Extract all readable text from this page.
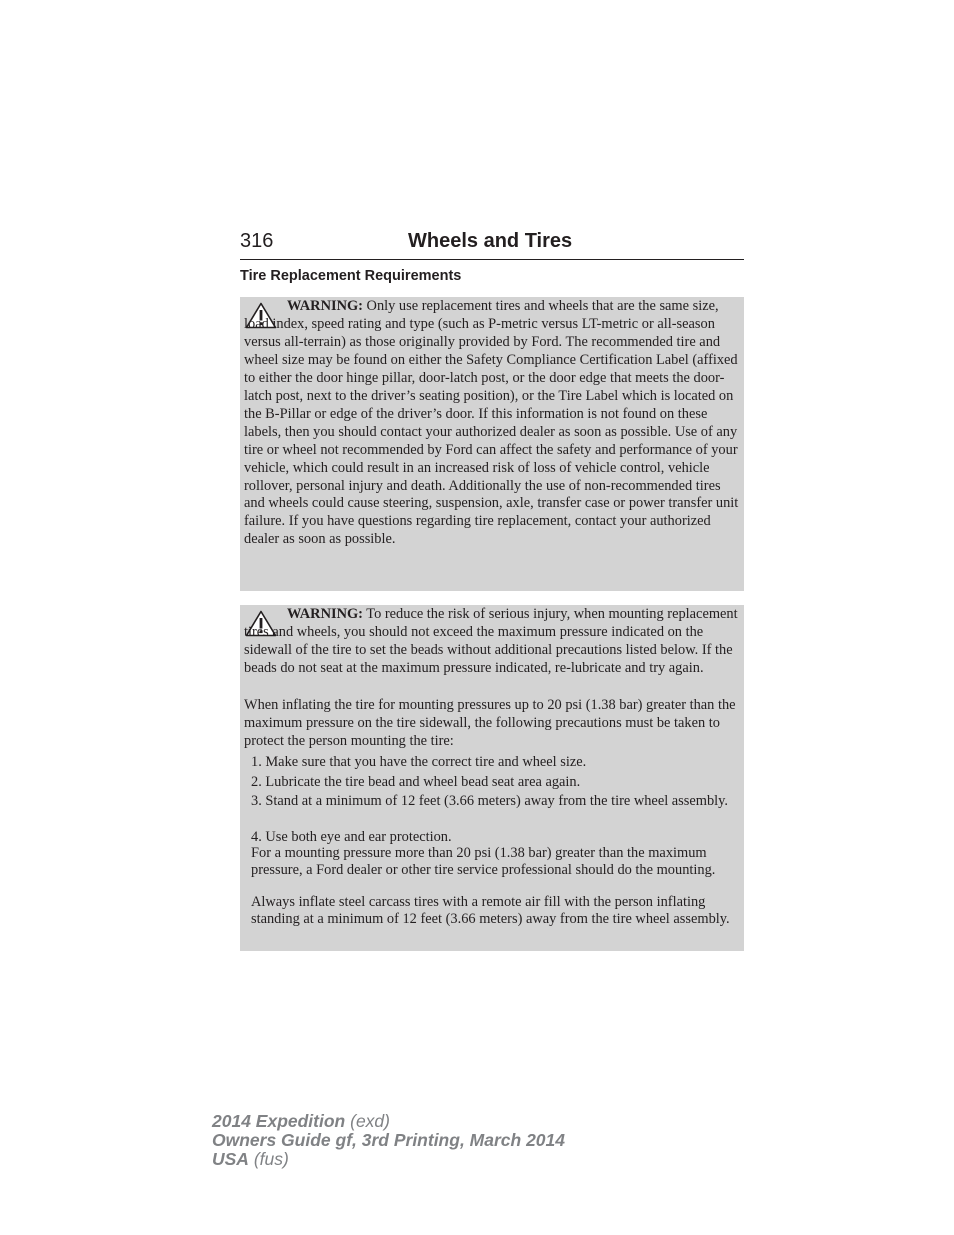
316	Wheels and Tires
Tire Replacement Requirements

WARNING: Only use replacement tires and wheels that are the same size, load index, speed rating and type (such as P-metric versus LT-metric or all-season versus all-terrain) as those originally provided by Ford. The recommended tire and wheel size may be found on either the Safety Compliance Certification Label (affixed to either the door hinge pillar, door-latch post, or the door edge that meets the door-latch post, next to the driver’s seating position), or the Tire Label which is located on the B-Pillar or edge of the driver’s door. If this information is not found on these labels, then you should contact your authorized dealer as soon as possible. Use of any tire or wheel not recommended by Ford can affect the safety and performance of your vehicle, which could result in an increased risk of loss of vehicle control, vehicle rollover, personal injury and death. Additionally the use of non-recommended tires and wheels could cause steering, suspension, axle, transfer case or power transfer unit failure. If you have questions regarding tire replacement, contact your authorized dealer as soon as possible.

WARNING: To reduce the risk of serious injury, when mounting replacement tires and wheels, you should not exceed the maximum pressure indicated on the sidewall of the tire to set the beads without additional precautions listed below. If the beads do not seat at the maximum pressure indicated, re-lubricate and try again.

When inflating the tire for mounting pressures up to 20 psi (1.38 bar) greater than the maximum pressure on the tire sidewall, the following precautions must be taken to protect the person mounting the tire:

1. Make sure that you have the correct tire and wheel size.

2. Lubricate the tire bead and wheel bead seat area again.

3. Stand at a minimum of 12 feet (3.66 meters) away from the tire wheel assembly.

4. Use both eye and ear protection.

For a mounting pressure more than 20 psi (1.38 bar) greater than the maximum pressure, a Ford dealer or other tire service professional should do the mounting.

Always inflate steel carcass tires with a remote air fill with the person inflating standing at a minimum of 12 feet (3.66 meters) away from the tire wheel assembly.

2014 Expedition (exd)
Owners Guide gf, 3rd Printing, March 2014
USA (fus)
